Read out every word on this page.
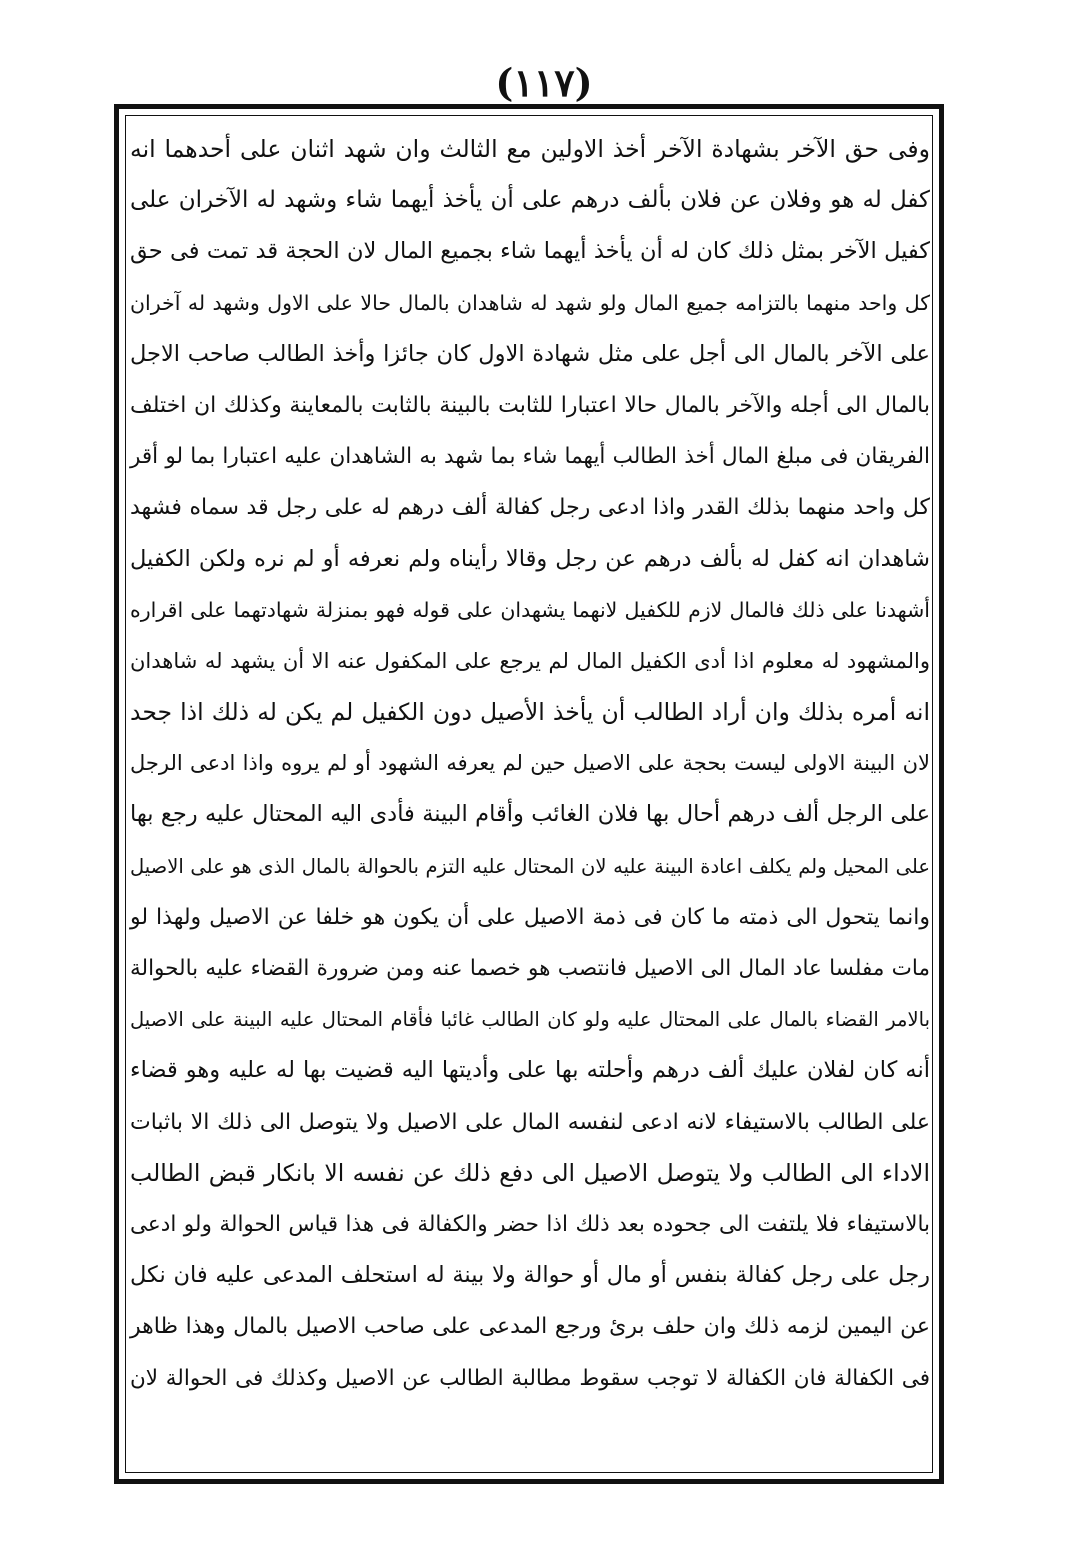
(١١٧)
وفى حق الآخر بشهادة الآخر أخذ الاولين مع الثالث وان شهد اثنان على أحدهما انه
كفل له هو وفلان عن فلان بألف درهم على أن يأخذ أيهما شاء وشهد له الآخران على
كفيل الآخر بمثل ذلك كان له أن يأخذ أيهما شاء بجميع المال لان الحجة قد تمت فى حق
كل واحد منهما بالتزامه جميع المال ولو شهد له شاهدان بالمال حالا على الاول وشهد له آخران
على الآخر بالمال الى أجل على مثل شهادة الاول كان جائزا وأخذ الطالب صاحب الاجل
بالمال الى أجله والآخر بالمال حالا اعتبارا للثابت بالبينة بالثابت بالمعاينة وكذلك ان اختلف
الفريقان فى مبلغ المال أخذ الطالب أيهما شاء بما شهد به الشاهدان عليه اعتبارا بما لو أقر
كل واحد منهما بذلك القدر واذا ادعى رجل كفالة ألف درهم له على رجل قد سماه فشهد
شاهدان انه كفل له بألف درهم عن رجل وقالا رأيناه ولم نعرفه أو لم نره ولكن الكفيل
أشهدنا على ذلك فالمال لازم للكفيل لانهما يشهدان على قوله فهو بمنزلة شهادتهما على اقراره
والمشهود له معلوم اذا أدى الكفيل المال لم يرجع على المكفول عنه الا أن يشهد له شاهدان
انه أمره بذلك وان أراد الطالب أن يأخذ الأصيل دون الكفيل لم يكن له ذلك اذا جحد
لان البينة الاولى ليست بحجة على الاصيل حين لم يعرفه الشهود أو لم يروه واذا ادعى الرجل
على الرجل ألف درهم أحال بها فلان الغائب وأقام البينة فأدى اليه المحتال عليه رجع بها
على المحيل ولم يكلف اعادة البينة عليه لان المحتال عليه التزم بالحوالة بالمال الذى هو على الاصيل
وانما يتحول الى ذمته ما كان فى ذمة الاصيل على أن يكون هو خلفا عن الاصيل ولهذا لو
مات مفلسا عاد المال الى الاصيل فانتصب هو خصما عنه ومن ضرورة القضاء عليه بالحوالة
بالامر القضاء بالمال على المحتال عليه ولو كان الطالب غائبا فأقام المحتال عليه البينة على الاصيل
أنه كان لفلان عليك ألف درهم وأحلته بها على وأديتها اليه قضيت بها له عليه وهو قضاء
على الطالب بالاستيفاء لانه ادعى لنفسه المال على الاصيل ولا يتوصل الى ذلك الا باثبات
الاداء الى الطالب ولا يتوصل الاصيل الى دفع ذلك عن نفسه الا بانكار قبض الطالب
بالاستيفاء فلا يلتفت الى جحوده بعد ذلك اذا حضر والكفالة فى هذا قياس الحوالة ولو ادعى
رجل على رجل كفالة بنفس أو مال أو حوالة ولا بينة له استحلف المدعى عليه فان نكل
عن اليمين لزمه ذلك وان حلف برئ ورجع المدعى على صاحب الاصيل بالمال وهذا ظاهر
فى الكفالة فان الكفالة لا توجب سقوط مطالبة الطالب عن الاصيل وكذلك فى الحوالة لان
